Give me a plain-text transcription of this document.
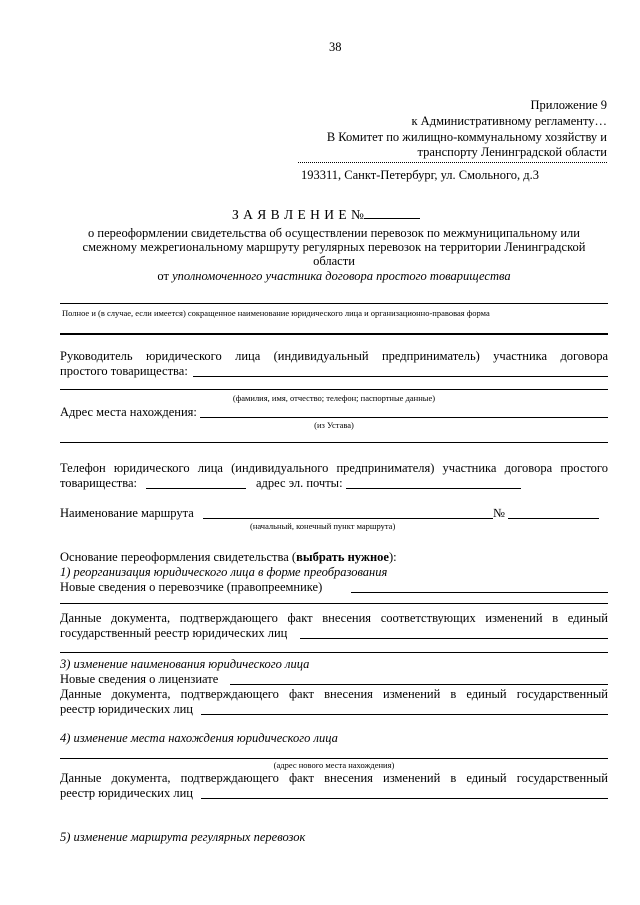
38
Приложение 9
к Административному регламенту…
В Комитет по жилищно-коммунальному хозяйству и
транспорту Ленинградской области
193311, Санкт-Петербург, ул. Смольного, д.3
З А Я В Л Е Н И Е №
о переоформлении свидетельства об осуществлении перевозок по межмуниципальному или
смежному межрегиональному маршруту регулярных перевозок на территории Ленинградской
области
от уполномоченного участника договора простого товарищества
Полное и (в случае, если имеется) сокращенное наименование юридического лица и организационно-правовая форма
Руководитель юридического лица (индивидуальный предприниматель) участника договора
простого товарищества:
(фамилия, имя, отчество; телефон; паспортные данные)
Адрес места нахождения:
(из Устава)
Телефон юридического лица (индивидуального предпринимателя) участника договора простого
товарищества:	адрес эл. почты:
Наименование маршрута	№
(начальный, конечный пункт маршрута)
Основание переоформления свидетельства (выбрать нужное):
1) реорганизация юридического лица в форме преобразования
Новые сведения о перевозчике (правопреемнике)
Данные документа, подтверждающего факт внесения соответствующих изменений в единый
государственный реестр юридических лиц
3) изменение наименования юридического лица
Новые сведения о лицензиате
Данные документа, подтверждающего факт внесения изменений в единый государственный
реестр юридических лиц
4) изменение места нахождения юридического лица
(адрес нового места нахождения)
Данные документа, подтверждающего факт внесения изменений в единый государственный
реестр юридических лиц
5) изменение маршрута регулярных перевозок
